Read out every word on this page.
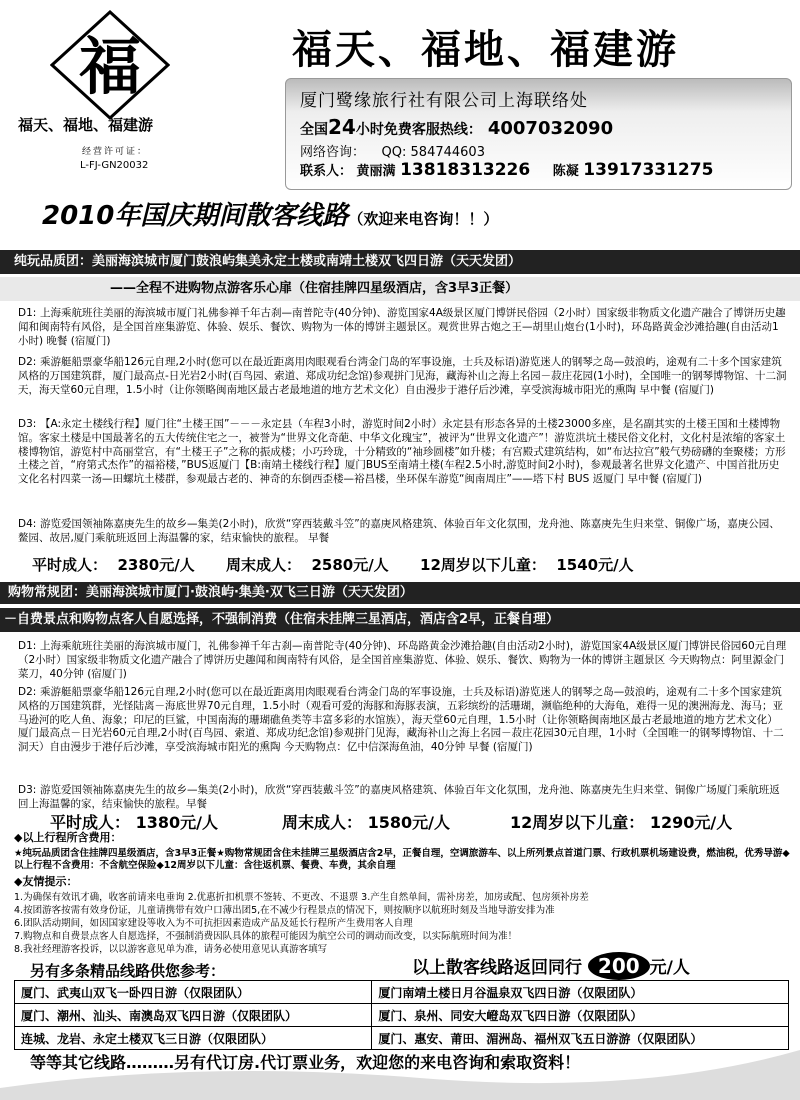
福
福天、福地、福建游
经营许可证：
L-FJ-GN20032
福天、福地、福建游
厦门鹭缘旅行社有限公司上海联络处
全国24小时免费客服热线： 4007032090
网络咨询： QQ: 584744603
联系人： 黄丽满 13818313226 陈凝 13917331275
2010年国庆期间散客线路（欢迎来电咨询！！）
纯玩品质团：美丽海滨城市厦门鼓浪屿集美永定土楼或南靖土楼双飞四日游（天天发团）
——全程不进购物点游客乐心扉（住宿挂牌四星级酒店，含3早3正餐）
D1: 上海乘航班往美丽的海滨城市厦门礼佛参禅千年古刹—南普陀寺(40分钟)、游览国家4A级景区厦门博饼民俗园（2小时）国家级非物质文化遗产融合了博饼历史趣闻和闽南特有风俗，是全国首座集游览、体验、娱乐、餐饮、购物为一体的博饼主题景区。观赏世界古炮之王—胡里山炮台(1小时)，环岛路黄金沙滩拾趣(自由活动1小时) 晚餐 (宿厦门)
D2: 乘游艇船票豪华船126元自理,2小时(您可以在最近距离用肉眼观看台湾金门岛的军事设施，士兵及标语)游览迷人的钢琴之岛—鼓浪屿，途观有二十多个国家建筑风格的万国建筑群，厦门最高点-日光岩2小时(百鸟园、索道、郑成功纪念馆)参观拼门见海，藏海补山之海上名园－菽庄花园(1小时)，全国唯一的钢琴博物馆、十二洞天，海天堂60元自理，1.5小时（让你领略闽南地区最古老最地道的地方艺术文化）自由漫步于港仔后沙滩，享受滨海城市阳光的熏陶 早中餐 (宿厦门)
D3: 【A:永定土楼线行程】厦门往“土楼王国”－－－永定县（车程3小时，游览时间2小时）永定县有形态各异的土楼23000多座，是名副其实的土楼王国和土楼博物馆。客家土楼是中国最著名的五大传统住宅之一，被誉为“世界文化奇葩、中华文化瑰宝”，被评为“世界文化遗产”！游览洪坑土楼民俗文化村，文化村是浓缩的客家土楼博物馆，游览村中高丽堂宫，有“土楼王子”之称的振成楼；小巧玲珑，十分精致的“袖珍圆楼”如升楼；有宫殿式建筑结构，如“布达拉宫”般气势磅礴的奎聚楼；方形土楼之首，“府第式杰作”的福裕楼，”BUS返厦门【B:南靖土楼线行程】厦门BUS至南靖土楼(车程2.5小时,游览时间2小时)，参观最著名世界文化遗产、中国首批历史文化名村四菜一汤—田螺坑土楼群，参观最古老的、神奇的东倒西歪楼—裕昌楼，坐环保车游览“闽南周庄”——塔下村 BUS 返厦门 早中餐 (宿厦门)
D4: 游览爱国领袖陈嘉庚先生的故乡—集美(2小时)，欣赏“穿西装戴斗笠”的嘉庚风格建筑、体验百年文化氛围，龙舟池、陈嘉庚先生归来堂、铜像广场，嘉庚公园、鳌园、故居,厦门乘航班返回上海温馨的家，结束愉快的旅程。 早餐
平时成人：  2380元/人      周末成人：  2580元/人      12周岁以下儿童：  1540元/人
购物常规团：美丽海滨城市厦门·鼓浪屿·集美·双飞三日游（天天发团）
－自费景点和购物点客人自愿选择，不强制消费（住宿未挂牌三星酒店，酒店含2早，正餐自理）
D1: 上海乘航班往美丽的海滨城市厦门，礼佛参禅千年古刹—南普陀寺(40分钟)、环岛路黄金沙滩拾趣(自由活动2小时)，游览国家4A级景区厦门博饼民俗园60元自理（2小时）国家级非物质文化遗产融合了博饼历史趣闻和闽南特有风俗，是全国首座集游览、体验、娱乐、餐饮、购物为一体的博饼主题景区 今天购物点：阿里源金门菜刀，40分钟 (宿厦门)
D2: 乘游艇船票豪华船126元自理,2小时(您可以在最近距离用肉眼观看台湾金门岛的军事设施，士兵及标语)游览迷人的钢琴之岛—鼓浪屿，途观有二十多个国家建筑风格的万国建筑群，光怪陆离－海底世界70元自理，1.5小时（观看可爱的海豚和海豚表演，五彩缤纷的活珊瑚，濒临绝种的大海龟，难得一见的澳洲海龙、海马；亚马逊河的吃人鱼、海象；印尼的巨鲨，中国南海的珊瑚礁鱼类等丰富多彩的水馆族），海天堂60元自理，1.5小时（让你领略闽南地区最古老最地道的地方艺术文化）厦门最高点－日光岩60元自理,2小时(百鸟园、索道、郑成功纪念馆)参观拼门见海，藏海补山之海上名园－菽庄花园30元自理，1小时（全国唯一的钢琴博物馆、十二洞天）自由漫步于港仔后沙滩，享受滨海城市阳光的熏陶 今天购物点：亿中信深海鱼油，40分钟 早餐 (宿厦门)
D3: 游览爱国领袖陈嘉庚先生的故乡—集美(2小时)，欣赏“穿西装戴斗笠”的嘉庚风格建筑、体验百年文化氛围，龙舟池、陈嘉庚先生归来堂、铜像广场厦门乘航班返回上海温馨的家，结束愉快的旅程。早餐
平时成人： 1380元/人	周末成人： 1580元/人	12周岁以下儿童： 1290元/人
◆以上行程所含费用：
★纯玩品质团含住挂牌四星级酒店，含3早3正餐★购物常规团含住未挂牌三星级酒店含2早，正餐自理，空调旅游车、以上所列景点首道门票、行政机票机场建设费，燃油税，优秀导游◆以上行程不含费用：不含航空保险◆12周岁以下儿童：含往返机票、餐费、车费，其余自理
◆友情提示：
1.为确保有效讯才确，收客前请来电垂询 2.优惠折扣机票不签转、不更改、不退票 3.产生自然单间，需补房差，加房或配、包房须补房差
4.按团游客按需有效身份证，儿童请携带有效户口薄出团5,在不减少行程景点的情况下，则按顺序以航班时刻及当地导游安排为准
6.团队活动期间，如因国家建设等收入为不可抗拒因素造成产品及延长行程所产生费用客人自理
7.购物点和自费景点客人自愿选择，不强制消费因队具体的旅程可能因为航空公司的调动而改变，以实际航班时间为准！
8.我社经理游客投诉，以以游客意见单为准，请务必使用意见认真游客填写
另有多条精品线路供您参考：	以上散客线路返回同行 200 元/人
厦门、武夷山双飞一卧四日游（仅限团队）	厦门南靖土楼日月谷温泉双飞四日游（仅限团队）
厦门、潮州、汕头、南澳岛双飞四日游（仅限团队）	厦门、泉州、同安大嶝岛双飞四日游（仅限团队）
连城、龙岩、永定土楼双飞三日游（仅限团队）	厦门、惠安、莆田、湄洲岛、福州双飞五日游游（仅限团队）
等等其它线路………另有代订房.代订票业务，欢迎您的来电咨询和索取资料！
